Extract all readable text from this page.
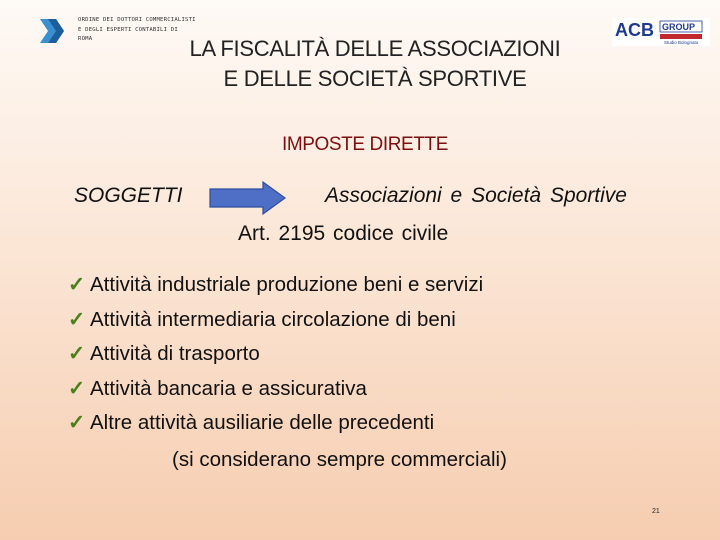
ORDINE DEI DOTTORI COMMERCIALISTI
E DEGLI ESPERTI CONTABILI DI
ROMA	ACB GROUP
Studio Bolognato
LA FISCALITÀ DELLE ASSOCIAZIONI
E DELLE SOCIETÀ SPORTIVE
IMPOSTE DIRETTE
SOGGETTI	Associazioni e Società Sportive
Art. 2195 codice civile
✓ Attività industriale produzione beni e servizi
✓ Attività intermediaria circolazione di beni
✓ Attività di trasporto
✓ Attività bancaria e assicurativa
✓ Altre attività ausiliarie delle precedenti
(si considerano sempre commerciali)
21
